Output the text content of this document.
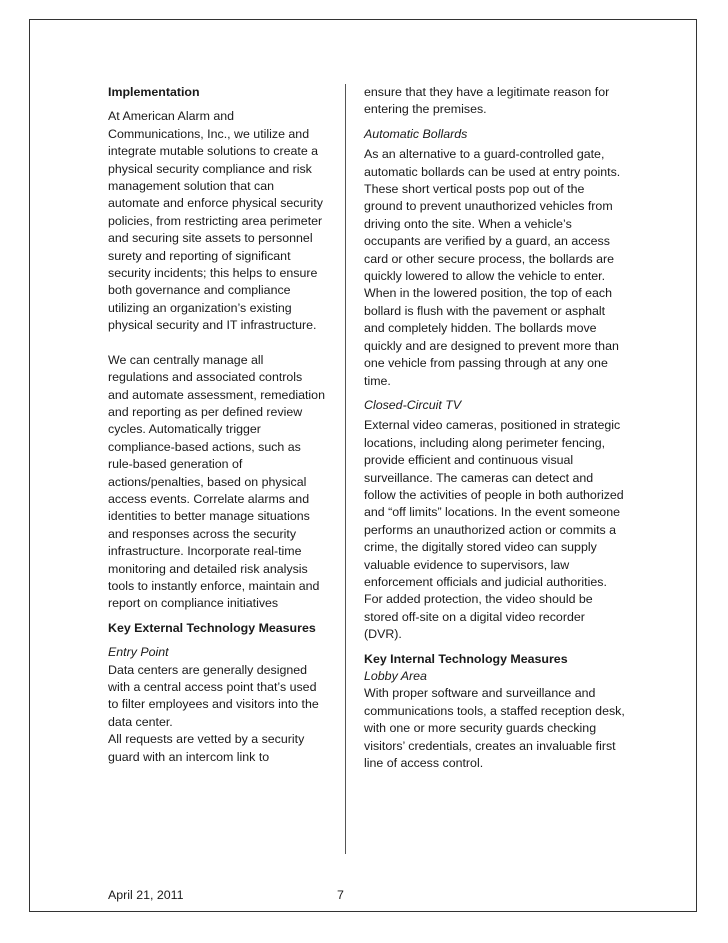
Implementation

At American Alarm and Communications, Inc., we utilize and integrate mutable solutions to create a physical security compliance and risk management solution that can automate and enforce physical security policies, from restricting area perimeter and securing site assets to personnel surety and reporting of significant security incidents; this helps to ensure both governance and compliance utilizing an organization’s existing physical security and IT infrastructure.

We can centrally manage all regulations and associated controls and automate assessment, remediation and reporting as per defined review cycles. Automatically trigger compliance-based actions, such as rule-based generation of actions/penalties, based on physical access events. Correlate alarms and identities to better manage situations and responses across the security infrastructure. Incorporate real-time monitoring and detailed risk analysis tools to instantly enforce, maintain and report on compliance initiatives

Key External Technology Measures

Entry Point

Data centers are generally designed with a central access point that’s used to filter employees and visitors into the data center.

All requests are vetted by a security guard with an intercom link to

ensure that they have a legitimate reason for entering the premises.

Automatic Bollards

As an alternative to a guard-controlled gate, automatic bollards can be used at entry points. These short vertical posts pop out of the ground to prevent unauthorized vehicles from driving onto the site. When a vehicle’s occupants are verified by a guard, an access card or other secure process, the bollards are quickly lowered to allow the vehicle to enter. When in the lowered position, the top of each bollard is flush with the pavement or asphalt and completely hidden. The bollards move quickly and are designed to prevent more than one vehicle from passing through at any one time.

Closed-Circuit TV

External video cameras, positioned in strategic locations, including along perimeter fencing, provide efficient and continuous visual surveillance. The cameras can detect and follow the activities of people in both authorized and “off limits” locations. In the event someone performs an unauthorized action or commits a crime, the digitally stored video can supply valuable evidence to supervisors, law enforcement officials and judicial authorities. For added protection, the video should be stored off-site on a digital video recorder (DVR).

Key Internal Technology Measures

Lobby Area

With proper software and surveillance and communications tools, a staffed reception desk, with one or more security guards checking visitors’ credentials, creates an invaluable first line of access control.

April 21, 2011	7
